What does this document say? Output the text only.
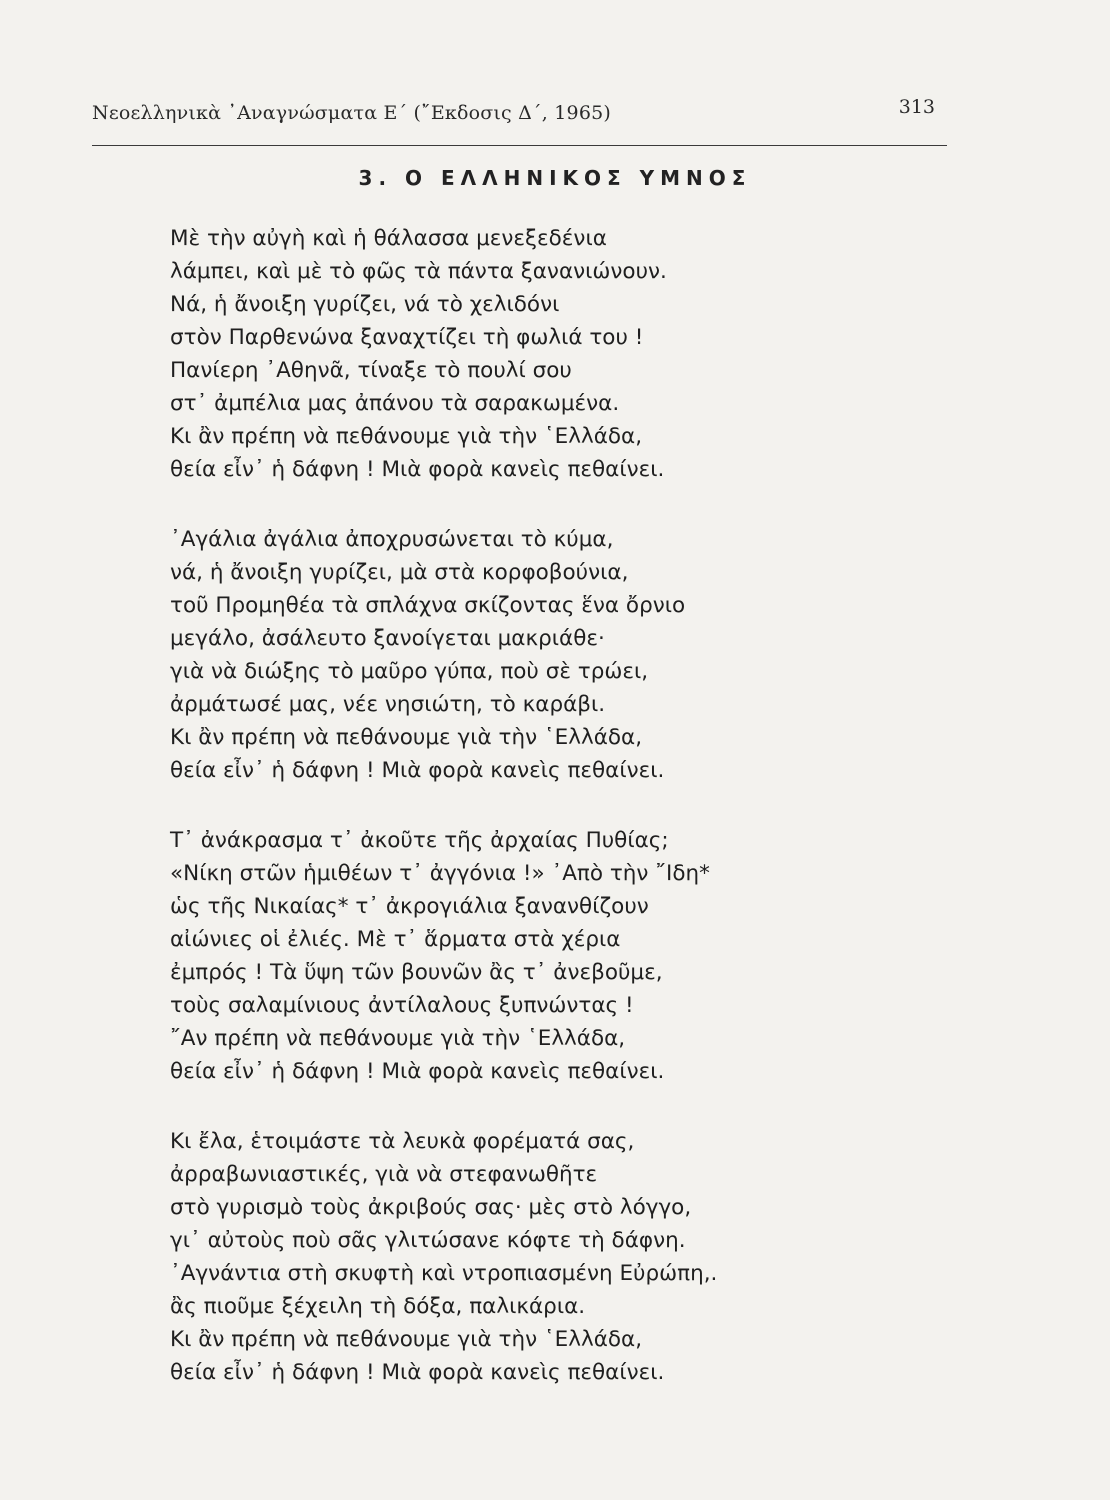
Νεοελληνικὰ ᾿Αναγνώσματα Ε΄ (῎Εκδοσις Δ΄, 1965)	313
3. Ο ΕΛΛΗΝΙΚΟΣ ΥΜΝΟΣ
Μὲ τὴν αὐγὴ καὶ ἡ θάλασσα μενεξεδένια
λάμπει, καὶ μὲ τὸ φῶς τὰ πάντα ξανανιώνουν.
Νά, ἡ ἄνοιξη γυρίζει, νά τὸ χελιδόνι
στὸν Παρθενώνα ξαναχτίζει τὴ φωλιά του !
Πανίερη ᾿Αθηνᾶ, τίναξε τὸ πουλί σου
στ᾿ ἀμπέλια μας ἀπάνου τὰ σαρακωμένα.
Κι ἂν πρέπη νὰ πεθάνουμε γιὰ τὴν ῾Ελλάδα,
θεία εἶν᾿ ἡ δάφνη ! Μιὰ φορὰ κανεὶς πεθαίνει.
᾿Αγάλια ἀγάλια ἀποχρυσώνεται τὸ κύμα,
νά, ἡ ἄνοιξη γυρίζει, μὰ στὰ κορφοβούνια,
τοῦ Προμηθέα τὰ σπλάχνα σκίζοντας ἕνα ὄρνιο
μεγάλο, ἀσάλευτο ξανοίγεται μακριάθε·
γιὰ νὰ διώξης τὸ μαῦρο γύπα, ποὺ σὲ τρώει,
ἀρμάτωσέ μας, νέε νησιώτη, τὸ καράβι.
Κι ἂν πρέπη νὰ πεθάνουμε γιὰ τὴν ῾Ελλάδα,
θεία εἶν᾿ ἡ δάφνη ! Μιὰ φορὰ κανεὶς πεθαίνει.
Τ᾿ ἀνάκρασμα τ᾿ ἀκοῦτε τῆς ἀρχαίας Πυθίας;
«Νίκη στῶν ἡμιθέων τ᾿ ἀγγόνια !» ᾿Απὸ τὴν ῎Ιδη*
ὡς τῆς Νικαίας* τ᾿ ἀκρογιάλια ξανανθίζουν
αἰώνιες οἱ ἐλιές. Μὲ τ᾿ ἅρματα στὰ χέρια
ἐμπρός ! Τὰ ὕψη τῶν βουνῶν ἂς τ᾿ ἀνεβοῦμε,
τοὺς σαλαμίνιους ἀντίλαλους ξυπνώντας !
῎Αν πρέπη νὰ πεθάνουμε γιὰ τὴν ῾Ελλάδα,
θεία εἶν᾿ ἡ δάφνη ! Μιὰ φορὰ κανεὶς πεθαίνει.
Κι ἔλα, ἑτοιμάστε τὰ λευκὰ φορέματά σας,
ἀρραβωνιαστικές, γιὰ νὰ στεφανωθῆτε
στὸ γυρισμὸ τοὺς ἀκριβούς σας· μὲς στὸ λόγγο,
γι᾿ αὐτοὺς ποὺ σᾶς γλιτώσανε κόφτε τὴ δάφνη.
᾿Αγνάντια στὴ σκυφτὴ καὶ ντροπιασμένη Εὐρώπη,.
ἂς πιοῦμε ξέχειλη τὴ δόξα, παλικάρια.
Κι ἂν πρέπη νὰ πεθάνουμε γιὰ τὴν ῾Ελλάδα,
θεία εἶν᾿ ἡ δάφνη ! Μιὰ φορὰ κανεὶς πεθαίνει.
